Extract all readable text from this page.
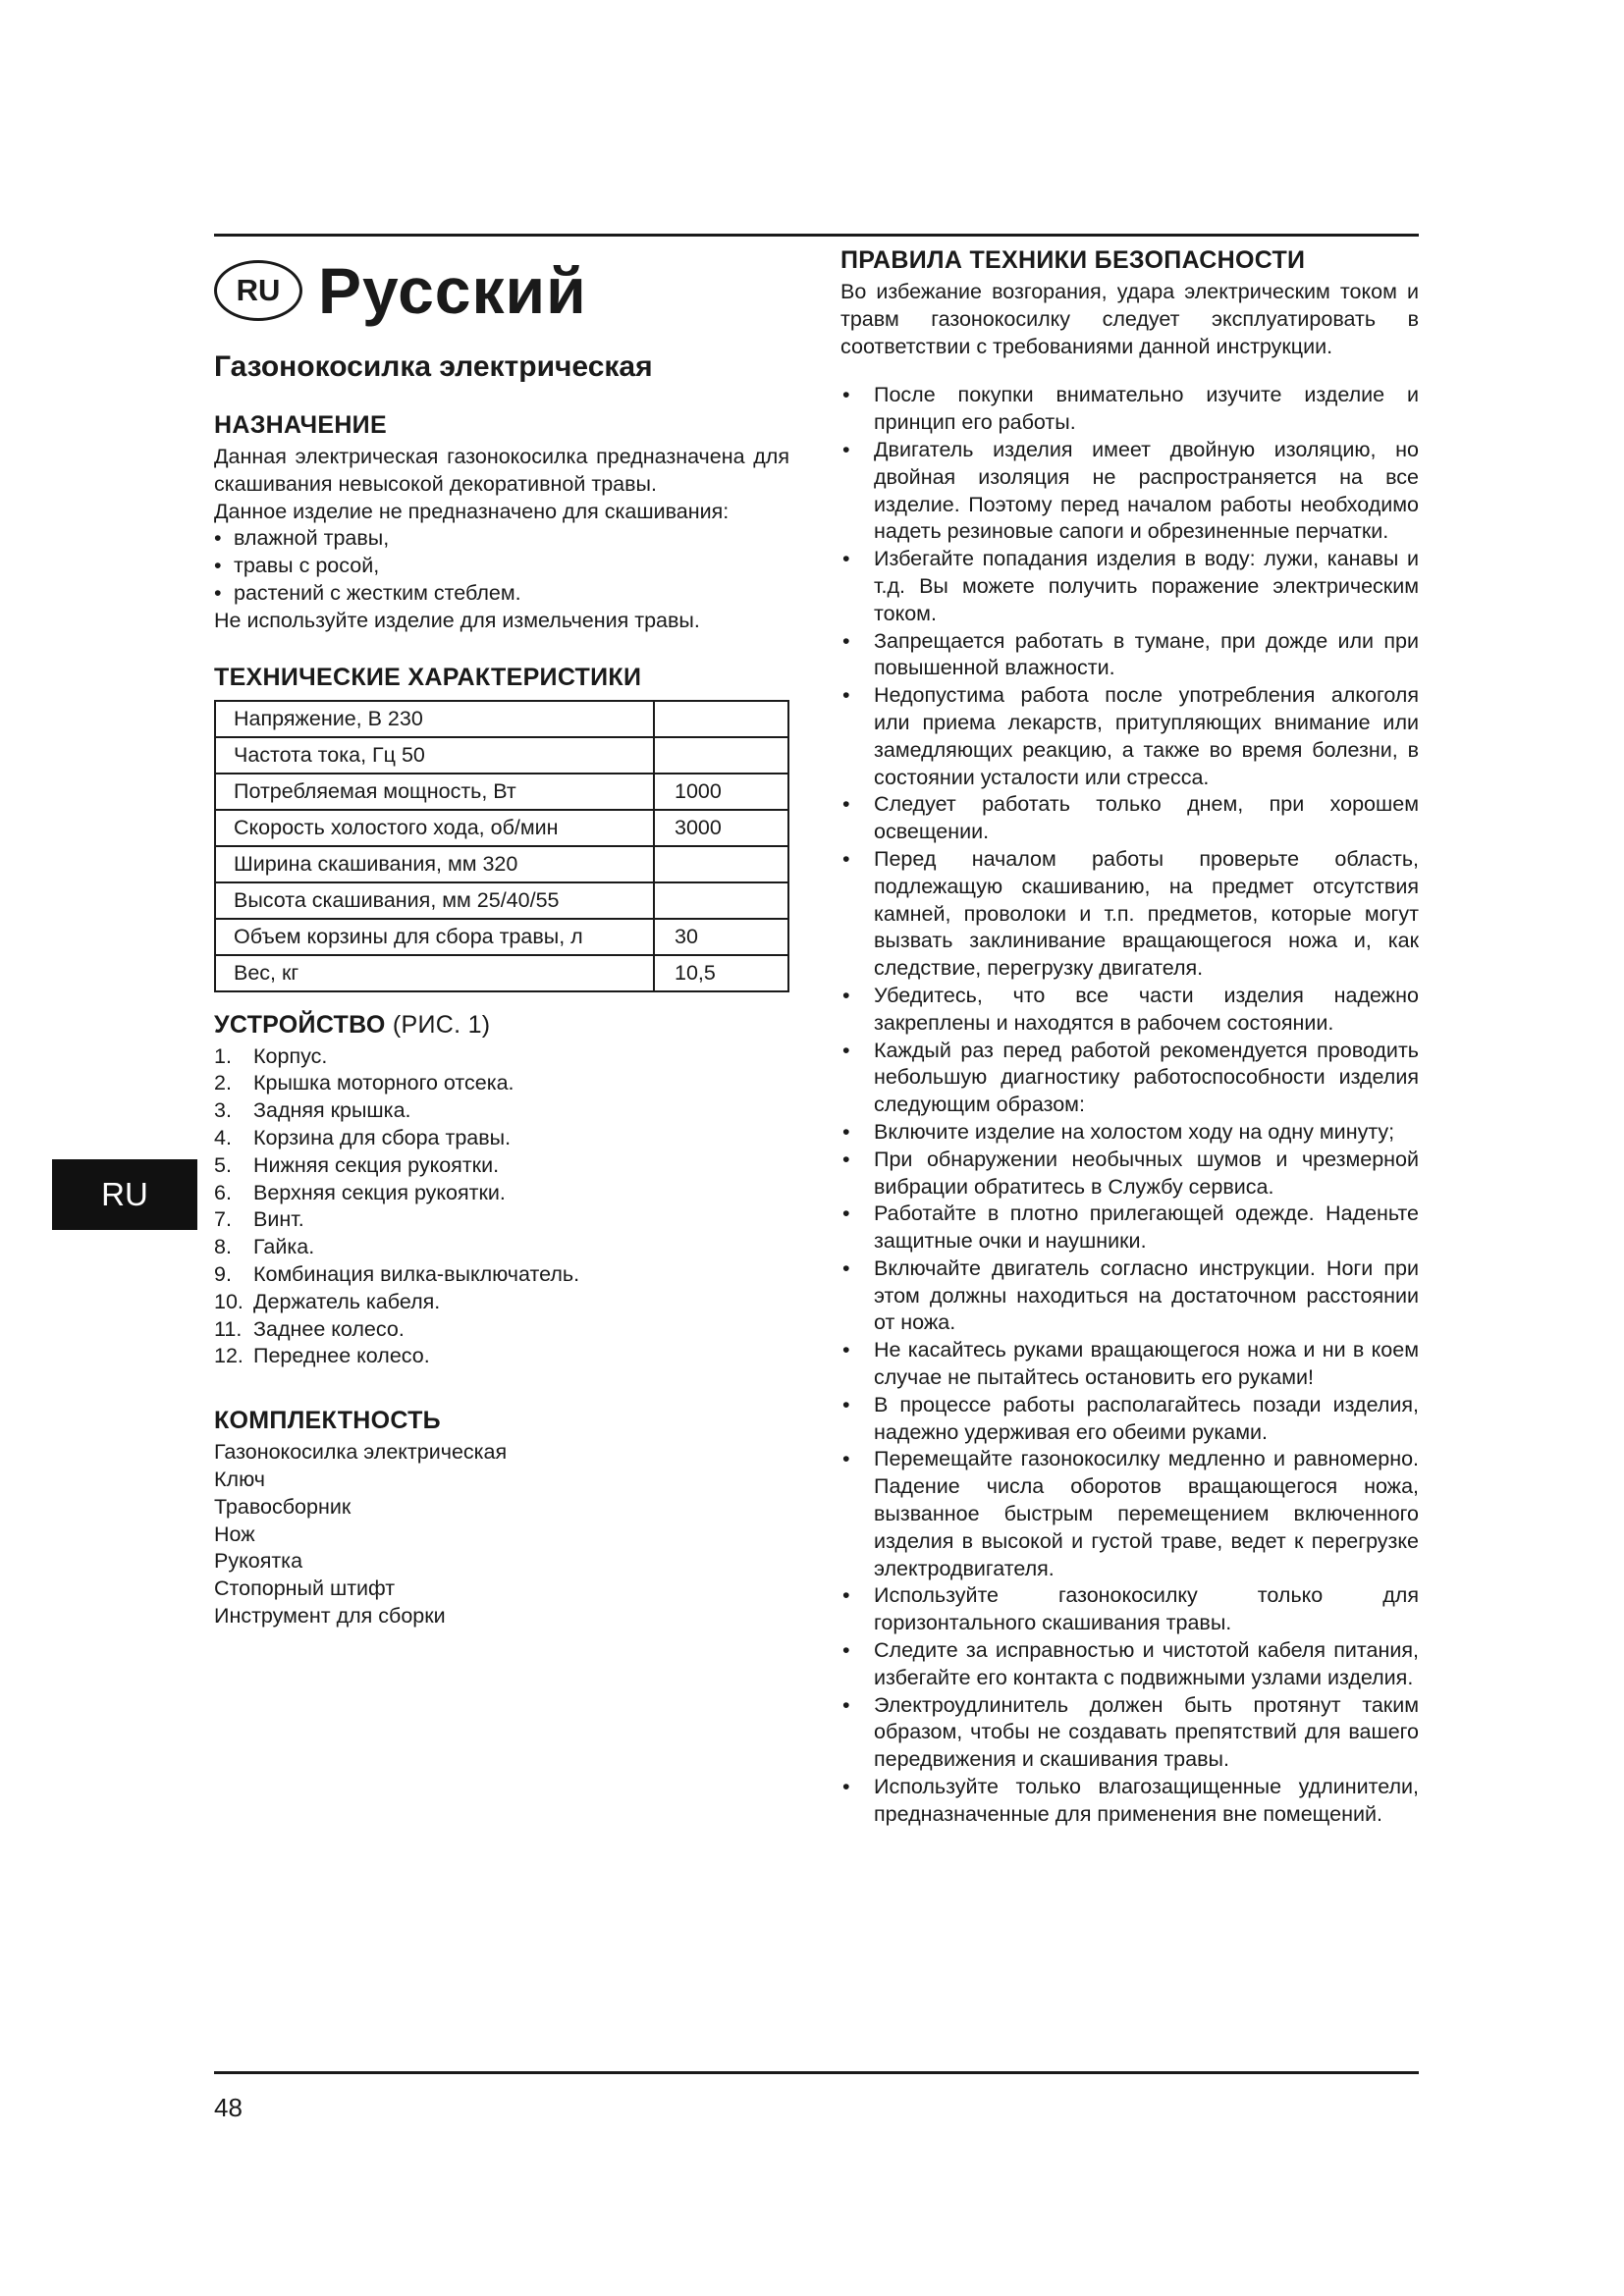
RU Русский
Газонокосилка электрическая
НАЗНАЧЕНИЕ

Данная электрическая газонокосилка предназначена для скашивания невысокой декоративной травы.

Данное изделие не предназначено для скашивания:

• влажной травы,
• травы с росой,
• растений с жестким стеблем.

Не используйте изделие для измельчения травы.

ТЕХНИЧЕСКИЕ ХАРАКТЕРИСТИКИ
Напряжение, В 230	
Частота тока, Гц 50	
Потребляемая мощность, Вт	1000
Скорость холостого хода, об/мин	3000
Ширина скашивания, мм 320	
Высота скашивания, мм 25/40/55	
Объем корзины для сбора травы, л	30
Вес, кг	10,5
УСТРОЙСТВО (РИС. 1)
1.	Корпус.
2.	Крышка моторного отсека.
3.	Задняя крышка.
4.	Корзина для сбора травы.
5.	Нижняя секция рукоятки.
6.	Верхняя секция рукоятки.
7.	Винт.
8.	Гайка.
9.	Комбинация вилка-выключатель.
10. Держатель кабеля.
11. Заднее колесо.
12. Переднее колесо.
КОМПЛЕКТНОСТЬ

Газонокосилка электрическая

Ключ

Травосборник

Нож

Рукоятка

Стопорный штифт

Инструмент для сборки

ПРАВИЛА ТЕХНИКИ БЕЗОПАСНОСТИ

Во избежание возгорания, удара электрическим током и травм газонокосилку следует эксплуатировать в соответствии с требованиями данной инструкции.

• После покупки внимательно изучите изделие и принцип его работы.
• Двигатель изделия имеет двойную изоляцию, но двойная изоляция не распространяется на все изделие. Поэтому перед началом работы необходимо надеть резиновые сапоги и обрезиненные перчатки.
• Избегайте попадания изделия в воду: лужи, канавы и т.д. Вы можете получить поражение электрическим током.
• Запрещается работать в тумане, при дожде или при повышенной влажности.
• Недопустима работа после употребления алкоголя или приема лекарств, притупляющих внимание или замедляющих реакцию, а также во время болезни, в состоянии усталости или стресса.
• Следует работать только днем, при хорошем освещении.
• Перед началом работы проверьте область, подлежащую скашиванию, на предмет отсутствия камней, проволоки и т.п. предметов, которые могут вызвать заклинивание вращающегося ножа и, как следствие, перегрузку двигателя.
• Убедитесь, что все части изделия надежно закреплены и находятся в рабочем состоянии.
• Каждый раз перед работой рекомендуется проводить небольшую диагностику работоспособности изделия следующим образом:
• Включите изделие на холостом ходу на одну минуту;
• При обнаружении необычных шумов и чрезмерной вибрации обратитесь в Службу сервиса.
• Работайте в плотно прилегающей одежде. Наденьте защитные очки и наушники.
• Включайте двигатель согласно инструкции. Ноги при этом должны находиться на достаточном расстоянии от ножа.
• Не касайтесь руками вращающегося ножа и ни в коем случае не пытайтесь остановить его руками!
• В процессе работы располагайтесь позади изделия, надежно удерживая его обеими руками.
• Перемещайте газонокосилку медленно и равномерно. Падение числа оборотов вращающегося ножа, вызванное быстрым перемещением включенного изделия в высокой и густой траве, ведет к перегрузке электродвигателя.
• Используйте газонокосилку только для горизонтального скашивания травы.
• Следите за исправностью и чистотой кабеля питания, избегайте его контакта с подвижными узлами изделия.
• Электроудлинитель должен быть протянут таким образом, чтобы не создавать препятствий для вашего передвижения и скашивания травы.
• Используйте только влагозащищенные удлинители, предназначенные для применения вне помещений.
RU
48
